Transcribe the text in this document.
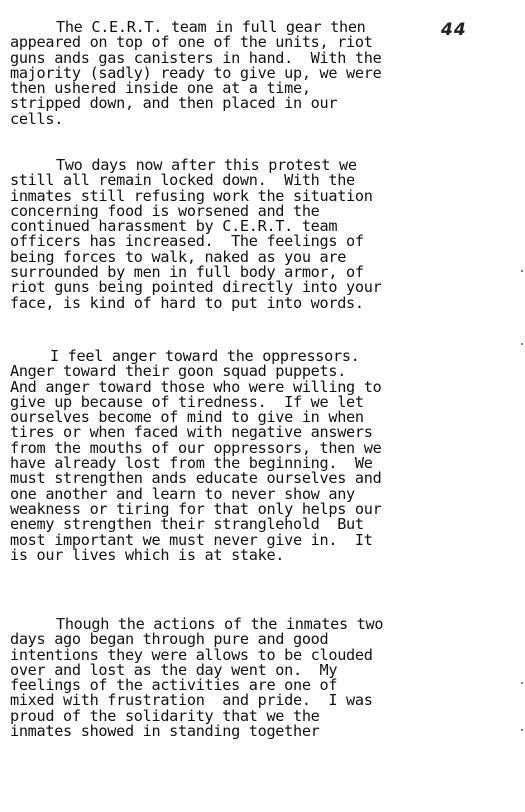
44
The C.E.R.T. team in full gear then
appeared on top of one of the units, riot
guns ands gas canisters in hand.  With the
majority (sadly) ready to give up, we were
then ushered inside one at a time,
stripped down, and then placed in our
cells.
Two days now after this protest we
still all remain locked down.  With the
inmates still refusing work the situation
concerning food is worsened and the
continued harassment by C.E.R.T. team
officers has increased.  The feelings of
being forces to walk, naked as you are
surrounded by men in full body armor, of
riot guns being pointed directly into your
face, is kind of hard to put into words.
I feel anger toward the oppressors.
Anger toward their goon squad puppets.
And anger toward those who were willing to
give up because of tiredness.  If we let
ourselves become of mind to give in when
tires or when faced with negative answers
from the mouths of our oppressors, then we
have already lost from the beginning.  We
must strengthen ands educate ourselves and
one another and learn to never show any
weakness or tiring for that only helps our
enemy strengthen their stranglehold  But
most important we must never give in.  It
is our lives which is at stake.
Though the actions of the inmates two
days ago began through pure and good
intentions they were allows to be clouded
over and lost as the day went on.  My
feelings of the activities are one of
mixed with frustration  and pride.  I was
proud of the solidarity that we the
inmates showed in standing together
